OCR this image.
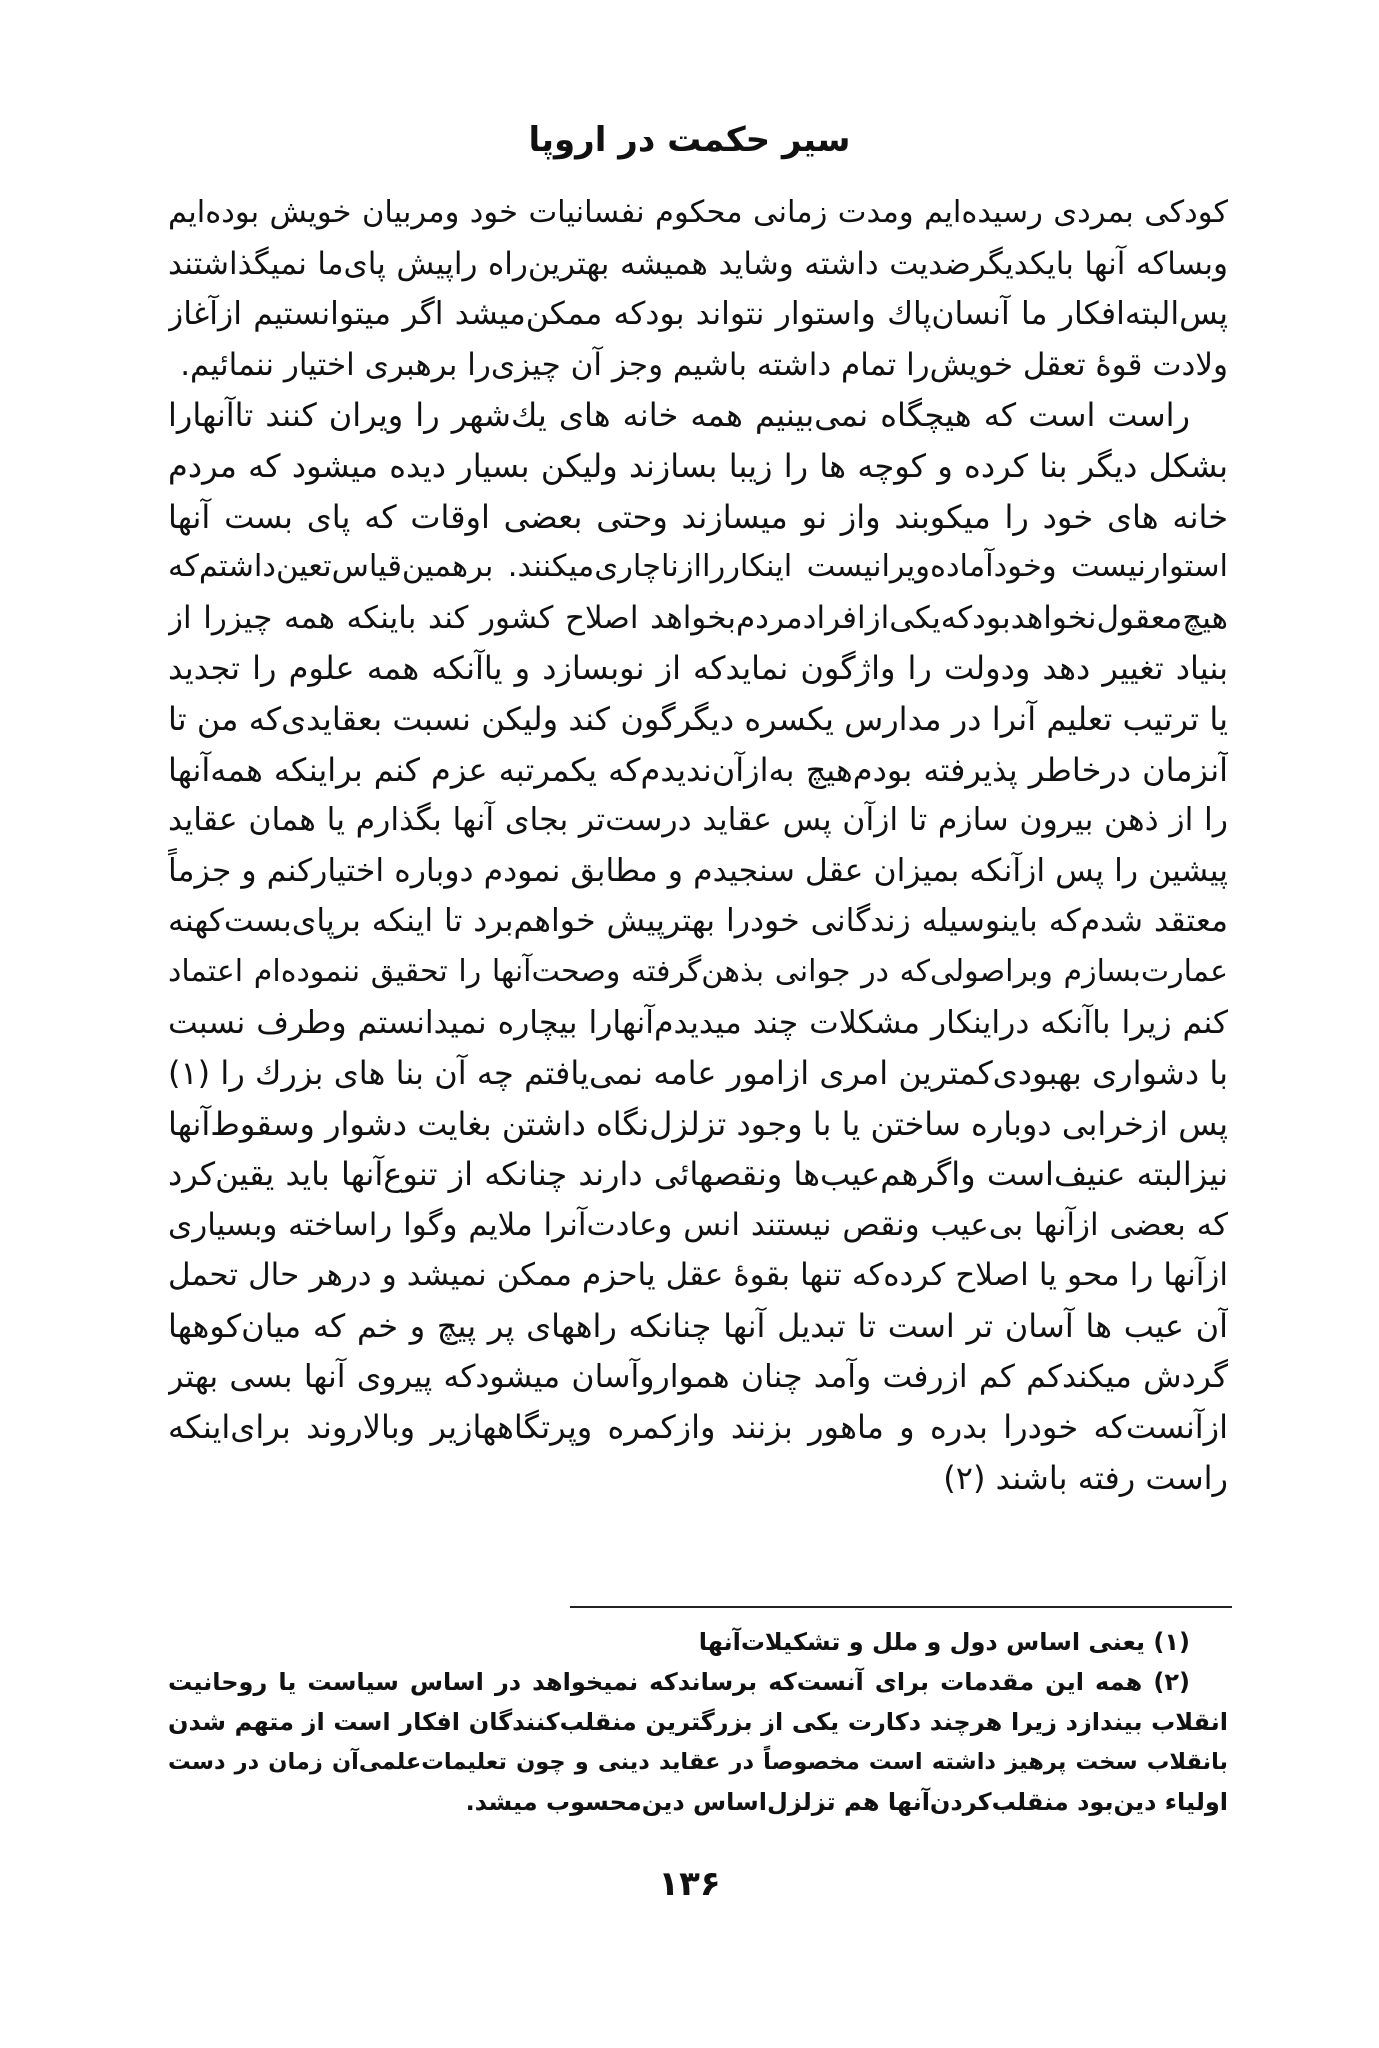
سیر حکمت در اروپا
کودکی بمردی رسیده‌ایم ومدت زمانی محکوم نفسانیات خود ومربیان خویش بوده‌ایم
وبساکه آنها بایکدیگرضدیت داشته وشاید همیشه بهترین‌راه راپیش پای‌ما نمیگذاشتند
پس‌البته‌افکار ما آنسان‌پاك واستوار نتواند بودکه ممکن‌میشد اگر میتوانستیم ازآغاز
ولادت قوهٔ تعقل خویش‌را تمام داشته باشیم وجز آن چیزی‌را برهبری اختیار ننمائیم.
راست است که هیچگاه نمی‌بینیم همه خانه های یك‌شهر را ویران کنند تاآنهارا
بشکل دیگر بنا کرده و کوچه ها را زیبا بسازند ولیکن بسیار دیده میشود که مردم
خانه های خود را میکوبند واز نو میسازند وحتی بعضی اوقات که پای بست آنها
استوارنیست وخودآماده‌ویرانیست اینکارراازناچاری‌میکنند. برهمین‌قیاس‌تعین‌داشتم‌که
هیچ‌معقول‌نخواهد‌بودکه‌یکی‌ازافرادمردم‌بخواهد اصلاح کشور کند باینکه همه چیزرا از
بنیاد تغییر دهد ودولت را واژگون نمایدکه از نوبسازد و یاآنکه همه علوم را تجدید
یا ترتیب تعلیم آنرا در مدارس یکسره دیگرگون کند ولیکن نسبت بعقایدی‌که من تا
آنزمان درخاطر پذیرفته بودم‌هیچ به‌ازآن‌ندیدم‌که یکمرتبه عزم کنم براینکه همه‌آنها
را از ذهن بیرون سازم تا ازآن پس عقاید درست‌تر بجای آنها بگذارم یا همان عقاید
پیشین را پس ازآنکه بمیزان عقل سنجیدم و مطابق نمودم دوباره اختیارکنم و جزماً
معتقد شدم‌که باینوسیله زندگانی خودرا بهترپیش خواهم‌برد تا اینکه برپای‌بست‌کهنه
عمارت‌بسازم وبراصولی‌که در جوانی بذهن‌گرفته وصحت‌آنها را تحقیق ننموده‌ام اعتماد
کنم زیرا باآنکه دراینکار مشکلات چند میدیدم‌آنهارا بیچاره نمیدانستم وطرف نسبت
با دشواری بهبودی‌کمترین امری ازامور عامه نمی‌یافتم چه آن بنا های بزرك را (۱)
پس ازخرابی دوباره ساختن یا با وجود تزلزل‌نگاه داشتن بغایت دشوار وسقوط‌آنها
نیزالبته عنیف‌است واگرهم‌عیب‌ها ونقصهائی دارند چنانکه از تنوع‌آنها باید یقین‌کرد
که بعضی ازآنها بی‌عیب ونقص نیستند انس وعادت‌آنرا ملایم وگوا راساخته وبسیاری
ازآنها را محو یا اصلاح کرده‌که تنها بقوهٔ عقل یاحزم ممکن نمیشد و درهر حال تحمل
آن عیب ها آسان تر است تا تبدیل آنها چنانکه راههای پر پیچ و خم که میان‌کوهها
گردش میکند‌کم کم ازرفت وآمد چنان همواروآسان میشودکه پیروی آنها بسی بهتر
ازآنست‌که خودرا بدره و ماهور بزنند واز‌کمره وپرتگاههازیر وبالاروند برای‌اینکه
راست رفته باشند (۲)
(۱) یعنی اساس دول و ملل و تشکیلات‌آنها
(۲) همه این مقدمات برای آنست‌که برساندکه نمیخواهد در اساس سیاست یا روحانیت
انقلاب بیندازد زیرا هرچند دکارت یکی از بزرگترین منقلب‌کنندگان افکار است از متهم شدن
بانقلاب سخت پرهیز داشته است مخصوصاً در عقاید دینی و چون تعلیمات‌علمی‌آن زمان در دست
اولیاء دین‌بود منقلب‌کردن‌آنها هم تزلزل‌اساس دین‌محسوب میشد.
۱۳۶
